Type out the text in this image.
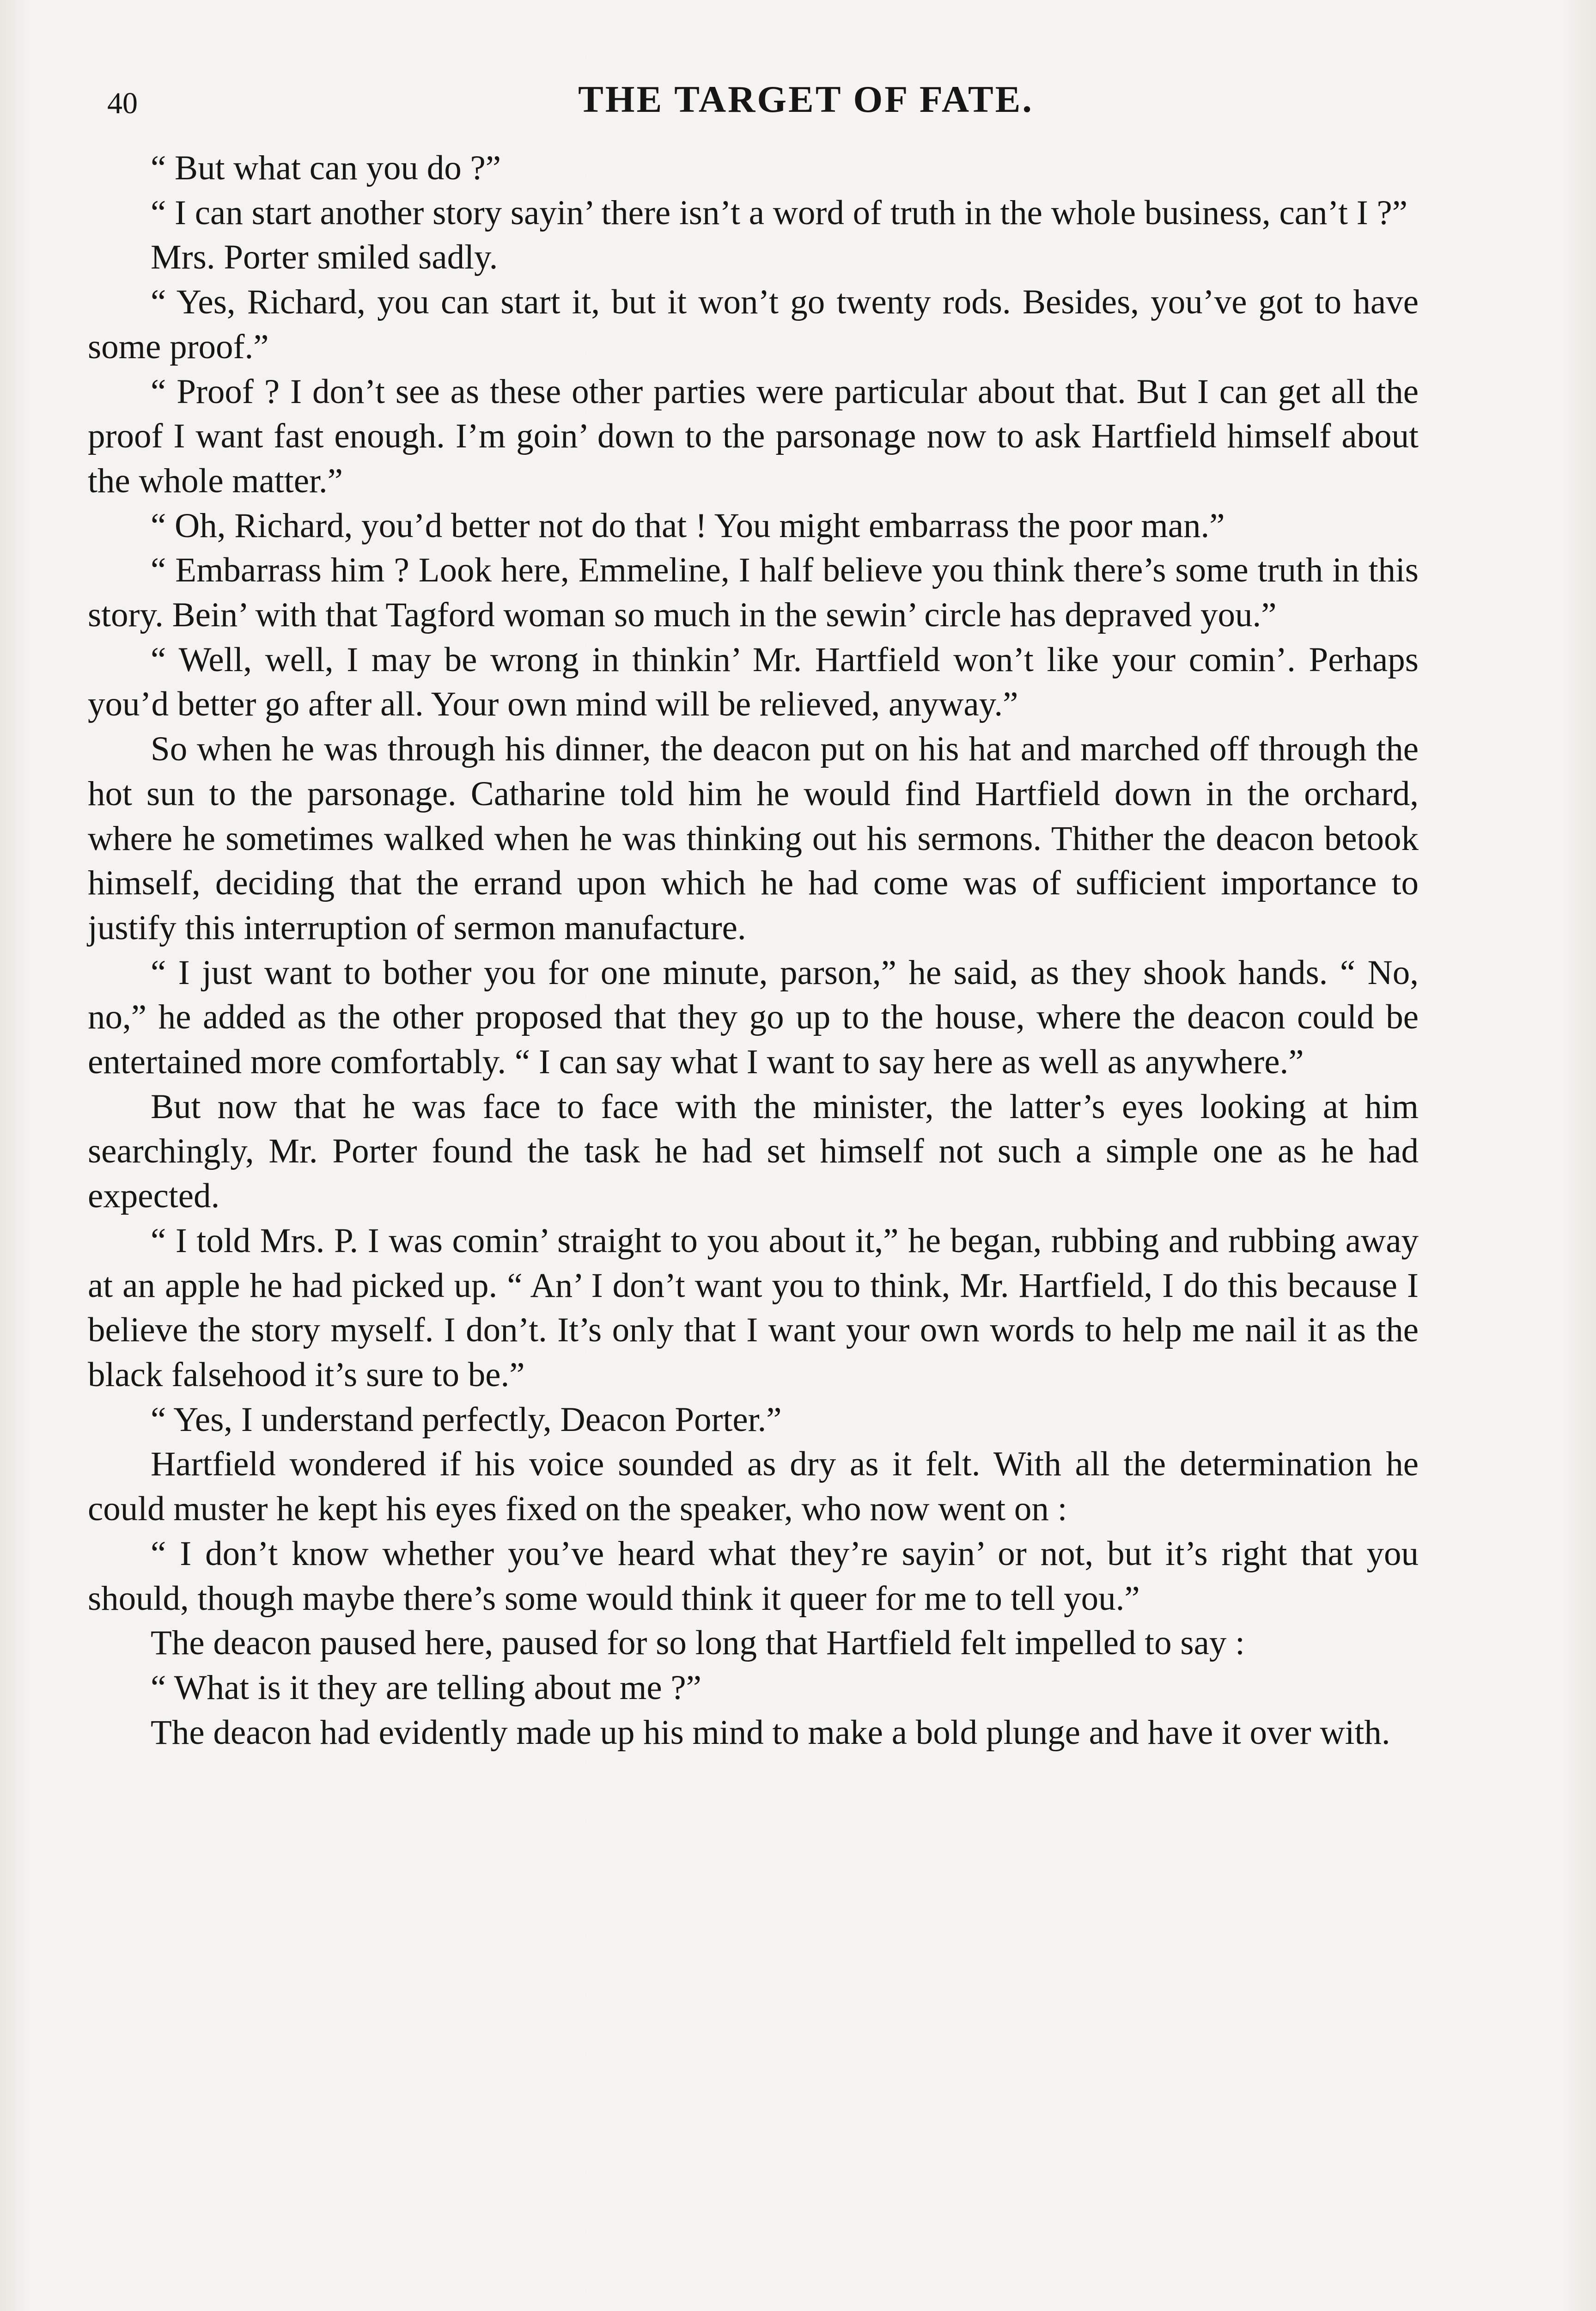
40	THE TARGET OF FATE.

“ But what can you do ?”

“ I can start another story sayin’ there isn’t a word of truth in the whole business, can’t I ?”

Mrs. Porter smiled sadly.

“ Yes, Richard, you can start it, but it won’t go twenty rods. Besides, you’ve got to have some proof.”

“ Proof ? I don’t see as these other parties were particular about that. But I can get all the proof I want fast enough. I’m goin’ down to the parsonage now to ask Hartfield himself about the whole matter.”

“ Oh, Richard, you’d better not do that ! You might embarrass the poor man.”

“ Embarrass him ? Look here, Emmeline, I half believe you think there’s some truth in this story. Bein’ with that Tagford woman so much in the sewin’ circle has depraved you.”

“ Well, well, I may be wrong in thinkin’ Mr. Hartfield won’t like your comin’. Perhaps you’d better go after all. Your own mind will be relieved, anyway.”

So when he was through his dinner, the deacon put on his hat and marched off through the hot sun to the parsonage. Catharine told him he would find Hartfield down in the orchard, where he sometimes walked when he was thinking out his sermons. Thither the deacon betook himself, deciding that the errand upon which he had come was of sufficient importance to justify this interruption of sermon manufacture.

“ I just want to bother you for one minute, parson,” he said, as they shook hands. “ No, no,” he added as the other proposed that they go up to the house, where the deacon could be entertained more comfortably. “ I can say what I want to say here as well as anywhere.”

But now that he was face to face with the minister, the latter’s eyes looking at him searchingly, Mr. Porter found the task he had set himself not such a simple one as he had expected.

“ I told Mrs. P. I was comin’ straight to you about it,” he began, rubbing and rubbing away at an apple he had picked up. “ An’ I don’t want you to think, Mr. Hartfield, I do this because I believe the story myself. I don’t. It’s only that I want your own words to help me nail it as the black falsehood it’s sure to be.”

“ Yes, I understand perfectly, Deacon Porter.”

Hartfield wondered if his voice sounded as dry as it felt. With all the determination he could muster he kept his eyes fixed on the speaker, who now went on :

“ I don’t know whether you’ve heard what they’re sayin’ or not, but it’s right that you should, though maybe there’s some would think it queer for me to tell you.”

The deacon paused here, paused for so long that Hartfield felt impelled to say :

“ What is it they are telling about me ?”

The deacon had evidently made up his mind to make a bold plunge and have it over with.
